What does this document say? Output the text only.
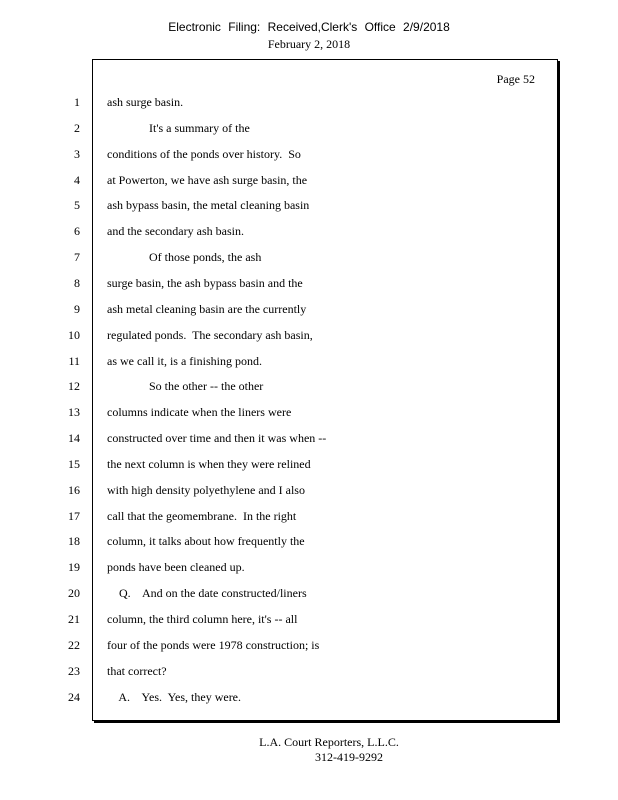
Electronic Filing: Received,Clerk's Office 2/9/2018
February 2, 2018
Page 52
1 ash surge basin.
2 It's a summary of the
3 conditions of the ponds over history.  So
4 at Powerton, we have ash surge basin, the
5 ash bypass basin, the metal cleaning basin
6 and the secondary ash basin.
7 Of those ponds, the ash
8 surge basin, the ash bypass basin and the
9 ash metal cleaning basin are the currently
10 regulated ponds.  The secondary ash basin,
11 as we call it, is a finishing pond.
12 So the other -- the other
13 columns indicate when the liners were
14 constructed over time and then it was when --
15 the next column is when they were relined
16 with high density polyethylene and I also
17 call that the geomembrane.  In the right
18 column, it talks about how frequently the
19 ponds have been cleaned up.
20 Q.    And on the date constructed/liners
21 column, the third column here, it's -- all
22 four of the ponds were 1978 construction; is
23 that correct?
24 A.    Yes.  Yes, they were.
L.A. Court Reporters, L.L.C.
312-419-9292
